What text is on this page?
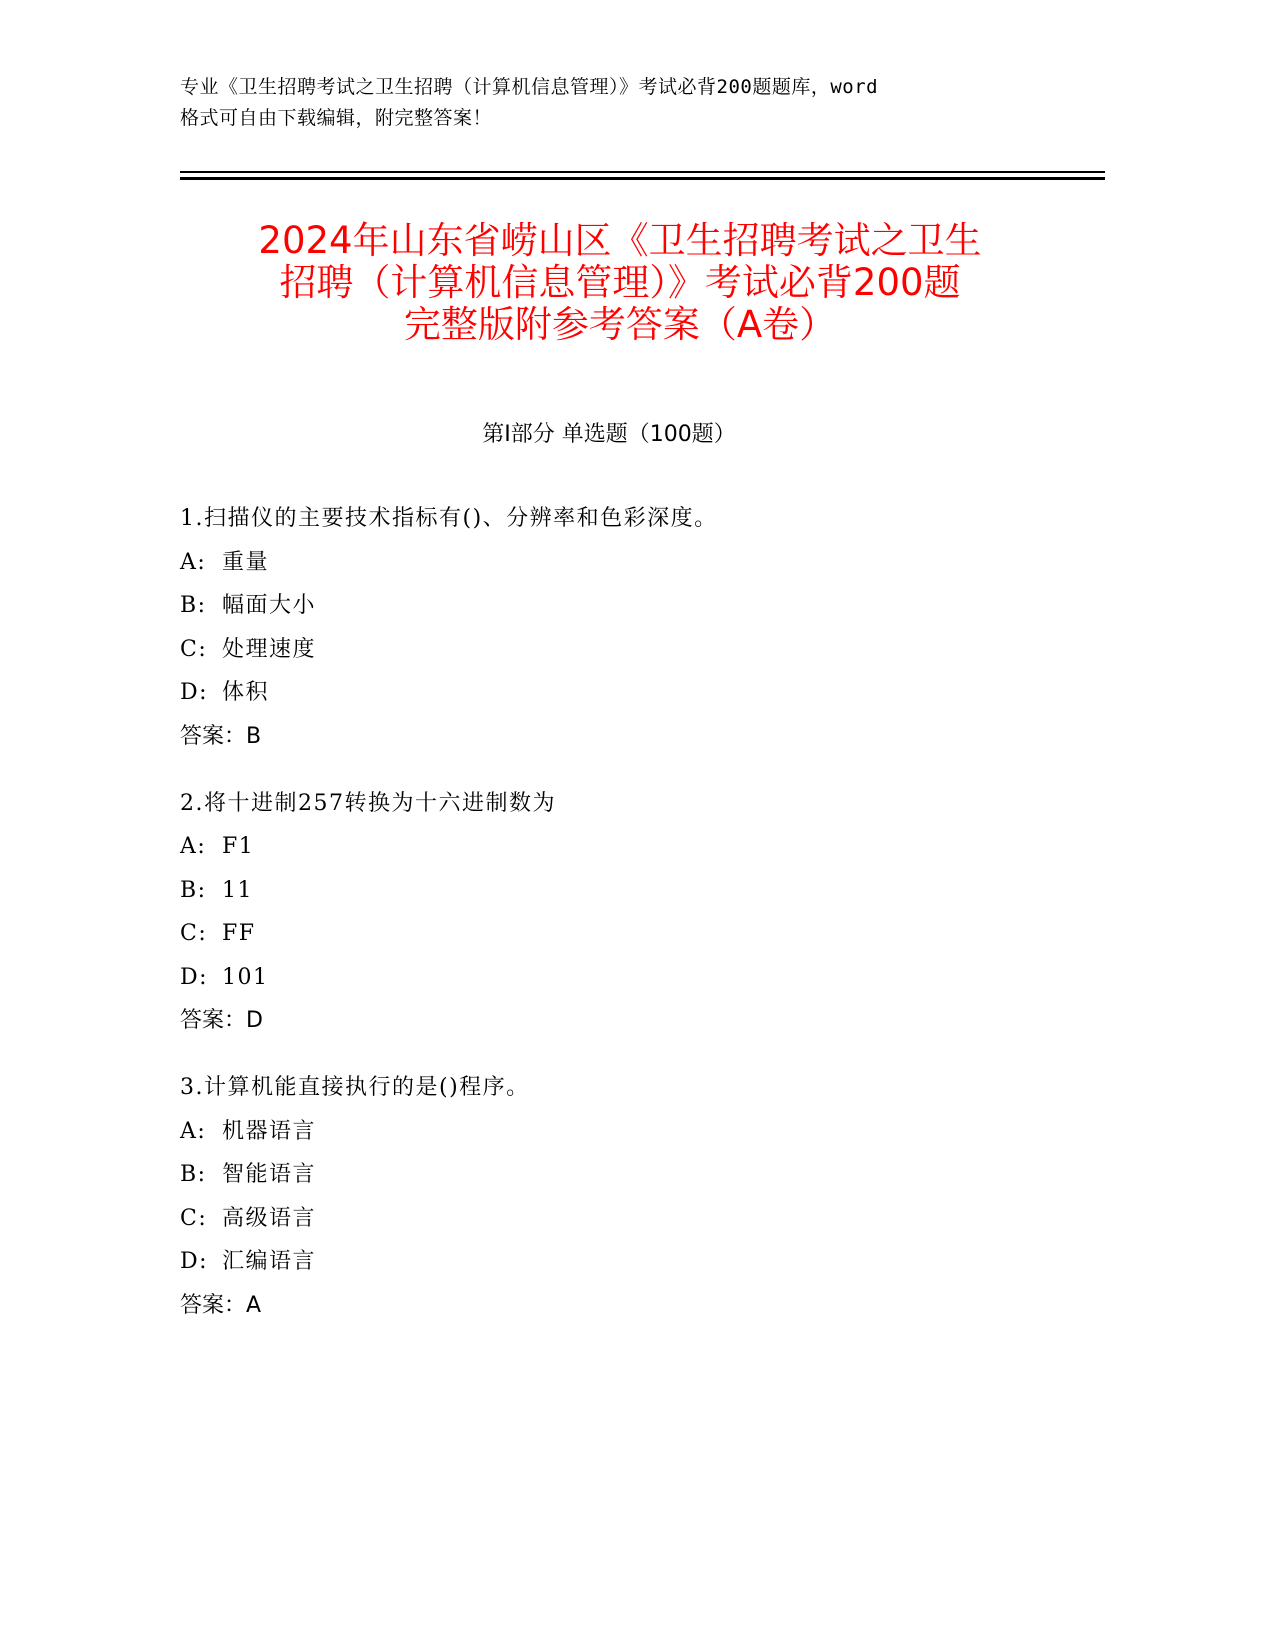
专业《卫生招聘考试之卫生招聘（计算机信息管理）》考试必背200题题库，word

格式可自由下载编辑，附完整答案！

2024年山东省崂山区《卫生招聘考试之卫生

招聘（计算机信息管理）》考试必背200题

完整版附参考答案（A卷）

第Ⅰ部分 单选题（100题）
1.扫描仪的主要技术指标有()、分辨率和色彩深度。
A: 重量
B: 幅面大小
C: 处理速度
D: 体积
答案：B
2.将十进制257转换为十六进制数为
A: F1
B: 11
C: FF
D: 101
答案：D
3.计算机能直接执行的是()程序。
A: 机器语言
B: 智能语言
C: 高级语言
D: 汇编语言
答案：A
